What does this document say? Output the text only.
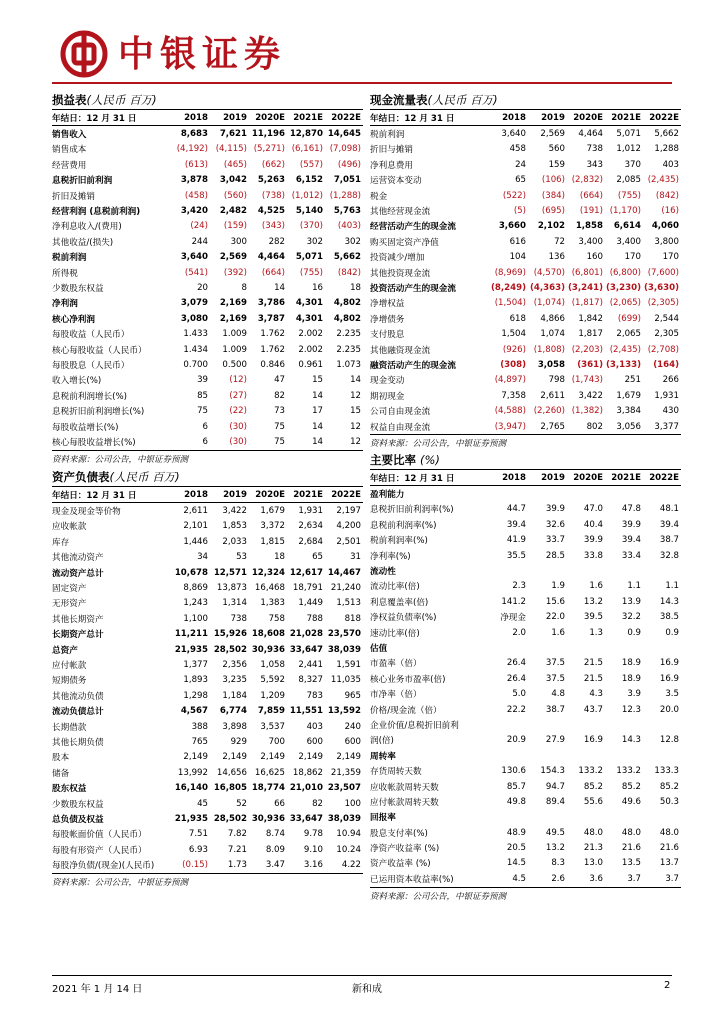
中银证券
损益表(人民币 百万)
年结日：12 月 31 日	2018	2019	2020E	2021E	2022E
销售收入	8,683	7,621	11,196	12,870	14,645
销售成本	(4,192)	(4,115)	(5,271)	(6,161)	(7,098)
经营费用	(613)	(465)	(662)	(557)	(496)
息税折旧前利润	3,878	3,042	5,263	6,152	7,051
折旧及摊销	(458)	(560)	(738)	(1,012)	(1,288)
经营利润 (息税前利润)	3,420	2,482	4,525	5,140	5,763
净利息收入/(费用)	(24)	(159)	(343)	(370)	(403)
其他收益/(损失)	244	300	282	302	302
税前利润	3,640	2,569	4,464	5,071	5,662
所得税	(541)	(392)	(664)	(755)	(842)
少数股东权益	20	8	14	16	18
净利润	3,079	2,169	3,786	4,301	4,802
核心净利润	3,080	2,169	3,787	4,301	4,802
每股收益（人民币）	1.433	1.009	1.762	2.002	2.235
核心每股收益（人民币）	1.434	1.009	1.762	2.002	2.235
每股股息（人民币）	0.700	0.500	0.846	0.961	1.073
收入增长(%)	39	(12)	47	15	14
息税前利润增长(%)	85	(27)	82	14	12
息税折旧前利润增长(%)	75	(22)	73	17	15
每股收益增长(%)	6	(30)	75	14	12
核心每股收益增长(%)	6	(30)	75	14	12
资料来源：公司公告，中银证券预测
现金流量表(人民币 百万)
年结日：12 月 31 日	2018	2019	2020E	2021E	2022E
税前利润	3,640	2,569	4,464	5,071	5,662
折旧与摊销	458	560	738	1,012	1,288
净利息费用	24	159	343	370	403
运营资本变动	65	(106)	(2,832)	2,085	(2,435)
税金	(522)	(384)	(664)	(755)	(842)
其他经营现金流	(5)	(695)	(191)	(1,170)	(16)
经营活动产生的现金流	3,660	2,102	1,858	6,614	4,060
购买固定资产净值	616	72	3,400	3,400	3,800
投资减少/增加	104	136	160	170	170
其他投资现金流	(8,969)	(4,570)	(6,801)	(6,800)	(7,600)
投资活动产生的现金流	(8,249)	(4,363)	(3,241)	(3,230)	(3,630)
净增权益	(1,504)	(1,074)	(1,817)	(2,065)	(2,305)
净增债务	618	4,866	1,842	(699)	2,544
支付股息	1,504	1,074	1,817	2,065	2,305
其他融资现金流	(926)	(1,808)	(2,203)	(2,435)	(2,708)
融资活动产生的现金流	(308)	3,058	(361)	(3,133)	(164)
现金变动	(4,897)	798	(1,743)	251	266
期初现金	7,358	2,611	3,422	1,679	1,931
公司自由现金流	(4,588)	(2,260)	(1,382)	3,384	430
权益自由现金流	(3,947)	2,765	802	3,056	3,377
资料来源：公司公告，中银证券预测
资产负债表(人民币 百万)
年结日：12 月 31 日	2018	2019	2020E	2021E	2022E
现金及现金等价物	2,611	3,422	1,679	1,931	2,197
应收帐款	2,101	1,853	3,372	2,634	4,200
库存	1,446	2,033	1,815	2,684	2,501
其他流动资产	34	53	18	65	31
流动资产总计	10,678	12,571	12,324	12,617	14,467
固定资产	8,869	13,873	16,468	18,791	21,240
无形资产	1,243	1,314	1,383	1,449	1,513
其他长期资产	1,100	738	758	788	818
长期资产总计	11,211	15,926	18,608	21,028	23,570
总资产	21,935	28,502	30,936	33,647	38,039
应付帐款	1,377	2,356	1,058	2,441	1,591
短期债务	1,893	3,235	5,592	8,327	11,035
其他流动负债	1,298	1,184	1,209	783	965
流动负债总计	4,567	6,774	7,859	11,551	13,592
长期借款	388	3,898	3,537	403	240
其他长期负债	765	929	700	600	600
股本	2,149	2,149	2,149	2,149	2,149
储备	13,992	14,656	16,625	18,862	21,359
股东权益	16,140	16,805	18,774	21,010	23,507
少数股东权益	45	52	66	82	100
总负债及权益	21,935	28,502	30,936	33,647	38,039
每股帐面价值（人民币）	7.51	7.82	8.74	9.78	10.94
每股有形资产（人民币）	6.93	7.21	8.09	9.10	10.24
每股净负债/(现金)(人民币)	(0.15)	1.73	3.47	3.16	4.22
资料来源：公司公告，中银证券预测
主要比率 (%)
年结日：12 月 31 日	2018	2019	2020E	2021E	2022E
盈利能力					
息税折旧前利润率(%)	44.7	39.9	47.0	47.8	48.1
息税前利润率(%)	39.4	32.6	40.4	39.9	39.4
税前利润率(%)	41.9	33.7	39.9	39.4	38.7
净利率(%)	35.5	28.5	33.8	33.4	32.8
流动性					
流动比率(倍)	2.3	1.9	1.6	1.1	1.1
利息覆盖率(倍)	141.2	15.6	13.2	13.9	14.3
净权益负债率(%)	净现金	22.0	39.5	32.2	38.5
速动比率(倍)	2.0	1.6	1.3	0.9	0.9
估值					
市盈率（倍）	26.4	37.5	21.5	18.9	16.9
核心业务市盈率(倍)	26.4	37.5	21.5	18.9	16.9
市净率（倍）	5.0	4.8	4.3	3.9	3.5
价格/现金流（倍）	22.2	38.7	43.7	12.3	20.0
企业价值/息税折旧前利					
润(倍)	20.9	27.9	16.9	14.3	12.8
周转率					
存货周转天数	130.6	154.3	133.2	133.2	133.3
应收帐款周转天数	85.7	94.7	85.2	85.2	85.2
应付帐款周转天数	49.8	89.4	55.6	49.6	50.3
回报率					
股息支付率(%)	48.9	49.5	48.0	48.0	48.0
净资产收益率 (%)	20.5	13.2	21.3	21.6	21.6
资产收益率 (%)	14.5	8.3	13.0	13.5	13.7
已运用资本收益率(%)	4.5	2.6	3.6	3.7	3.7
资料来源：公司公告，中银证券预测
2021 年 1 月 14 日	新和成	2
